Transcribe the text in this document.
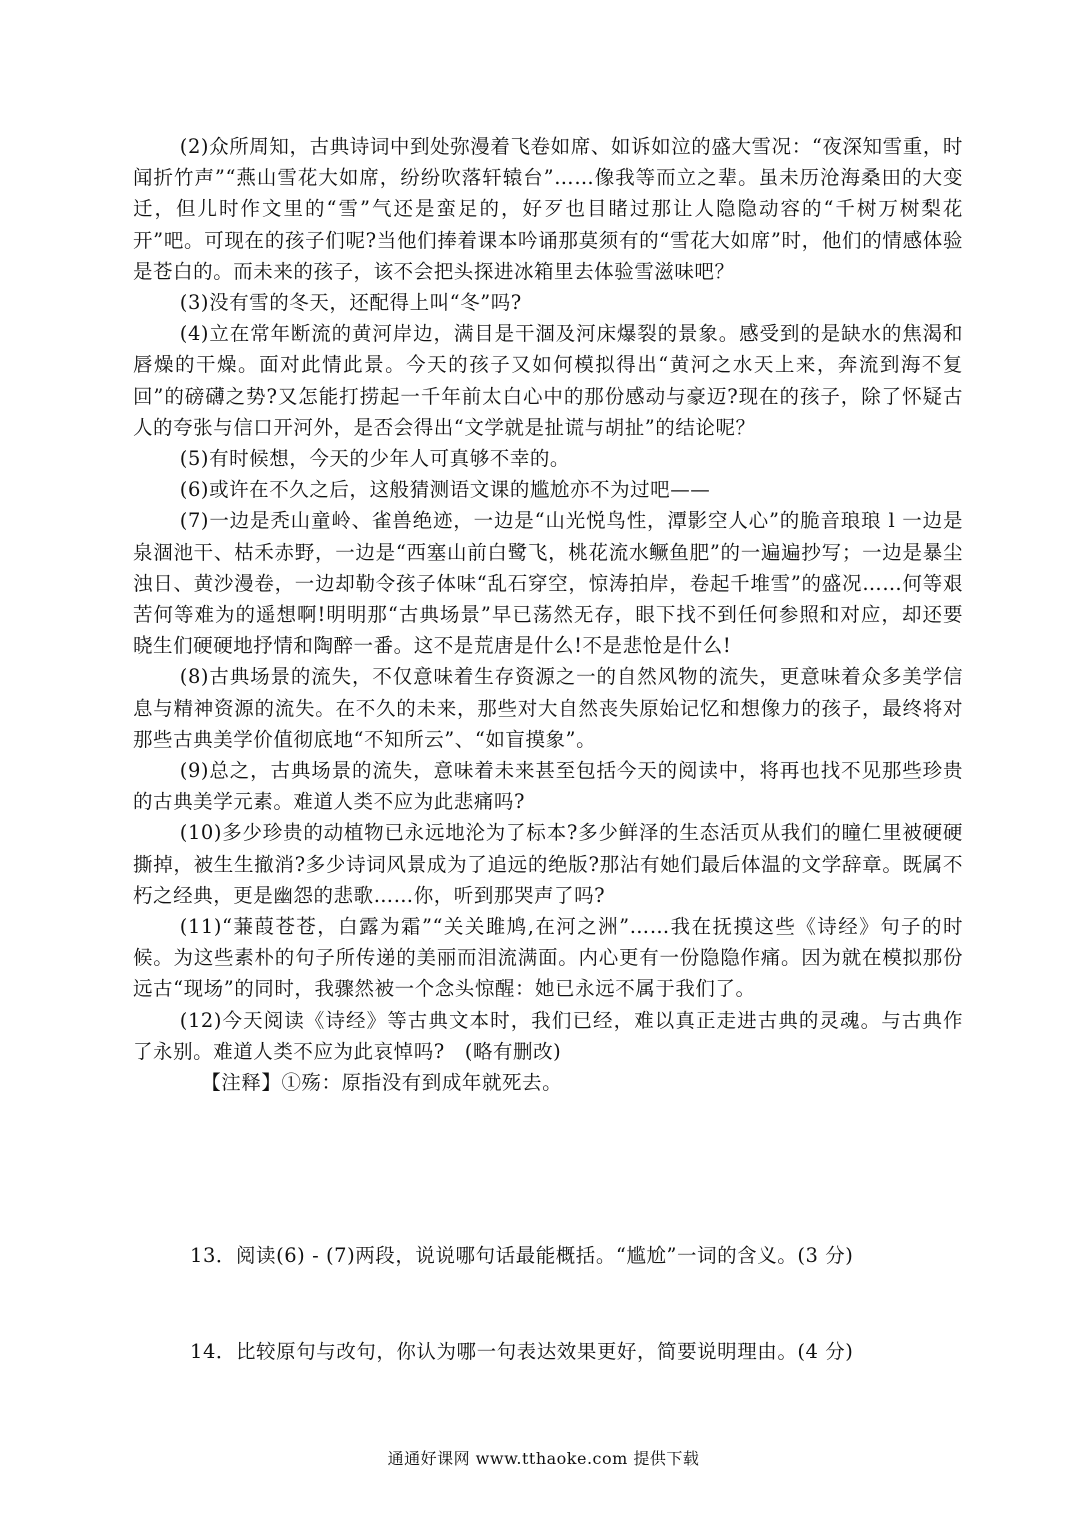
(2)众所周知，古典诗词中到处弥漫着飞卷如席、如诉如泣的盛大雪况：“夜深知雪重，时闻折竹声”“燕山雪花大如席，纷纷吹落轩辕台”……像我等而立之辈。虽未历沧海桑田的大变迁，但儿时作文里的“雪”气还是蛮足的，好歹也目睹过那让人隐隐动容的“千树万树梨花开”吧。可现在的孩子们呢?当他们捧着课本吟诵那莫须有的“雪花大如席”时，他们的情感体验是苍白的。而未来的孩子，该不会把头探进冰箱里去体验雪滋味吧？

(3)没有雪的冬天，还配得上叫“冬”吗?

(4)立在常年断流的黄河岸边，满目是干涸及河床爆裂的景象。感受到的是缺水的焦渴和唇燥的干燥。面对此情此景。今天的孩子又如何模拟得出“黄河之水天上来，奔流到海不复回”的磅礴之势?又怎能打捞起一千年前太白心中的那份感动与豪迈?现在的孩子，除了怀疑古人的夸张与信口开河外，是否会得出“文学就是扯谎与胡扯”的结论呢？

(5)有时候想，今天的少年人可真够不幸的。

(6)或许在不久之后，这般猜测语文课的尴尬亦不为过吧——

(7)一边是秃山童岭、雀兽绝迹，一边是“山光悦鸟性，潭影空人心”的脆音琅琅 l 一边是泉涸池干、枯禾赤野，一边是“西塞山前白鹭飞，桃花流水鳜鱼肥”的一遍遍抄写；一边是暴尘浊日、黄沙漫卷，一边却勒令孩子体味“乱石穿空，惊涛拍岸，卷起千堆雪”的盛况……何等艰苦何等难为的遥想啊!明明那“古典场景”早已荡然无存，眼下找不到任何参照和对应，却还要晓生们硬硬地抒情和陶醉一番。这不是荒唐是什么!不是悲怆是什么!

(8)古典场景的流失，不仅意味着生存资源之一的自然风物的流失，更意味着众多美学信息与精神资源的流失。在不久的未来，那些对大自然丧失原始记忆和想像力的孩子，最终将对那些古典美学价值彻底地“不知所云”、“如盲摸象”。

(9)总之，古典场景的流失，意味着未来甚至包括今天的阅读中，将再也找不见那些珍贵的古典美学元素。难道人类不应为此悲痛吗?

(10)多少珍贵的动植物已永远地沦为了标本?多少鲜泽的生态活页从我们的瞳仁里被硬硬撕掉，被生生撤消?多少诗词风景成为了追远的绝版?那沾有她们最后体温的文学辞章。既属不朽之经典，更是幽怨的悲歌……你，听到那哭声了吗?

(11)“蒹葭苍苍，白露为霜”“关关雎鸠,在河之洲”……我在抚摸这些《诗经》句子的时候。为这些素朴的句子所传递的美丽而泪流满面。内心更有一份隐隐作痛。因为就在模拟那份远古“现场”的同时，我骤然被一个念头惊醒：她已永远不属于我们了。

(12)今天阅读《诗经》等古典文本时，我们已经，难以真正走进古典的灵魂。与古典作了永别。难道人类不应为此哀悼吗?　(略有删改)

【注释】①殇：原指没有到成年就死去。

13．阅读(6) - (7)两段，说说哪句话最能概括。“尴尬”一词的含义。(3 分)
14．比较原句与改句，你认为哪一句表达效果更好，简要说明理由。(4 分)
通通好课网 www.tthaoke.com 提供下载
